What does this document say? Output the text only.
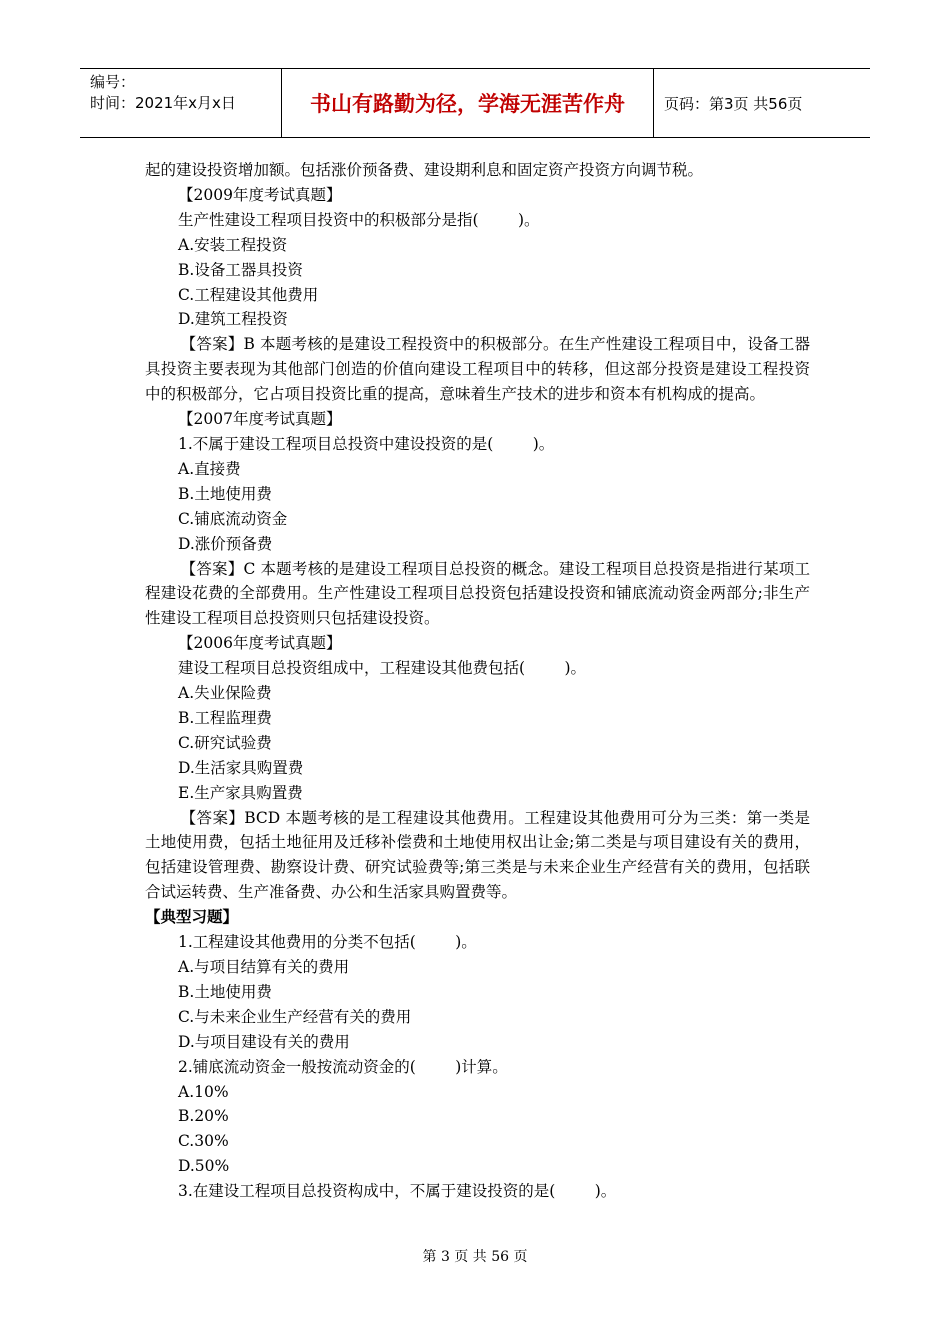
编号：
时间：2021年x月x日	书山有路勤为径，学海无涯苦作舟	页码：第3页 共56页
起的建设投资增加额。包括涨价预备费、建设期利息和固定资产投资方向调节税。
【2009年度考试真题】
生产性建设工程项目投资中的积极部分是指(        )。
A.安装工程投资
B.设备工器具投资
C.工程建设其他费用
D.建筑工程投资
【答案】B 本题考核的是建设工程投资中的积极部分。在生产性建设工程项目中，设备工器具投资主要表现为其他部门创造的价值向建设工程项目中的转移，但这部分投资是建设工程投资中的积极部分，它占项目投资比重的提高，意味着生产技术的进步和资本有机构成的提高。
【2007年度考试真题】
1.不属于建设工程项目总投资中建设投资的是(        )。
A.直接费
B.土地使用费
C.铺底流动资金
D.涨价预备费
【答案】C 本题考核的是建设工程项目总投资的概念。建设工程项目总投资是指进行某项工程建设花费的全部费用。生产性建设工程项目总投资包括建设投资和铺底流动资金两部分;非生产性建设工程项目总投资则只包括建设投资。
【2006年度考试真题】
建设工程项目总投资组成中，工程建设其他费包括(        )。
A.失业保险费
B.工程监理费
C.研究试验费
D.生活家具购置费
E.生产家具购置费
【答案】BCD 本题考核的是工程建设其他费用。工程建设其他费用可分为三类：第一类是土地使用费，包括土地征用及迁移补偿费和土地使用权出让金;第二类是与项目建设有关的费用，包括建设管理费、勘察设计费、研究试验费等;第三类是与未来企业生产经营有关的费用，包括联合试运转费、生产准备费、办公和生活家具购置费等。
【典型习题】
1.工程建设其他费用的分类不包括(        )。
A.与项目结算有关的费用
B.土地使用费
C.与未来企业生产经营有关的费用
D.与项目建设有关的费用
2.铺底流动资金一般按流动资金的(        )计算。
A.10%
B.20%
C.30%
D.50%
3.在建设工程项目总投资构成中，不属于建设投资的是(        )。
第 3 页 共 56 页
